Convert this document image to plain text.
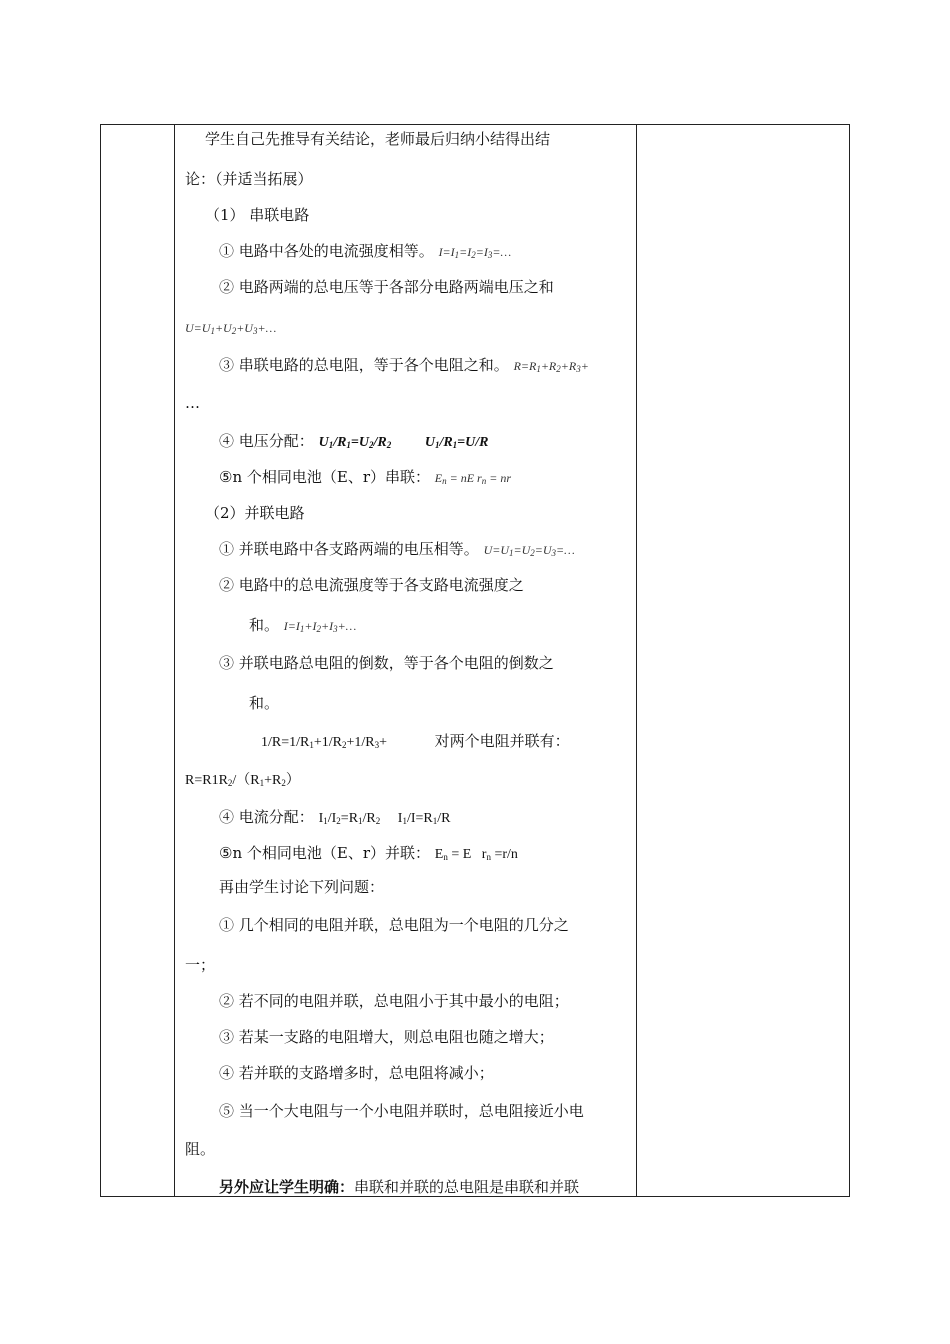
学生自己先推导有关结论，老师最后归纳小结得出结
论：（并适当拓展）
（1） 串联电路
① 电路中各处的电流强度相等。 $I=I_1=I_2=I_3=\dots$
② 电路两端的总电压等于各部分电路两端电压之和
$U=U_1+U_2+U_3+\dots$
③ 串联电路的总电阻，等于各个电阻之和。 $R=R_1+R_2+R_3+$
…
④ 电压分配： $U_1/R_1=U_2/R_2$ $U_1/R_1=U/R$
⑤n 个相同电池（E、r）串联： $E_n$ = nE $r_n$ = nr
（2）并联电路
① 并联电路中各支路两端的电压相等。 $U=U_1=U_2=U_3=\dots$
② 电路中的总电流强度等于各支路电流强度之
和。 $I=I_1+I_2+I_3+\dots$
③ 并联电路总电阻的倒数，等于各个电阻的倒数之
和。
$1/R=1/R_1+1/R_2+1/R_3+$	对两个电阻并联有：
$R=R1R_2/(R_1+R_2)$
④ 电流分配： $I_1/I_2=R_1/R_2$     $I_1/I=R_1/R$
⑤n 个相同电池（E、r）并联： $E_n = E$   $r_n =r/n$
再由学生讨论下列问题：
① 几个相同的电阻并联，总电阻为一个电阻的几分之
一；
② 若不同的电阻并联，总电阻小于其中最小的电阻；
③ 若某一支路的电阻增大，则总电阻也随之增大；
④ 若并联的支路增多时，总电阻将减小；
⑤ 当一个大电阻与一个小电阻并联时，总电阻接近小电
阻。
另外应让学生明确：串联和并联的总电阻是串联和并联
